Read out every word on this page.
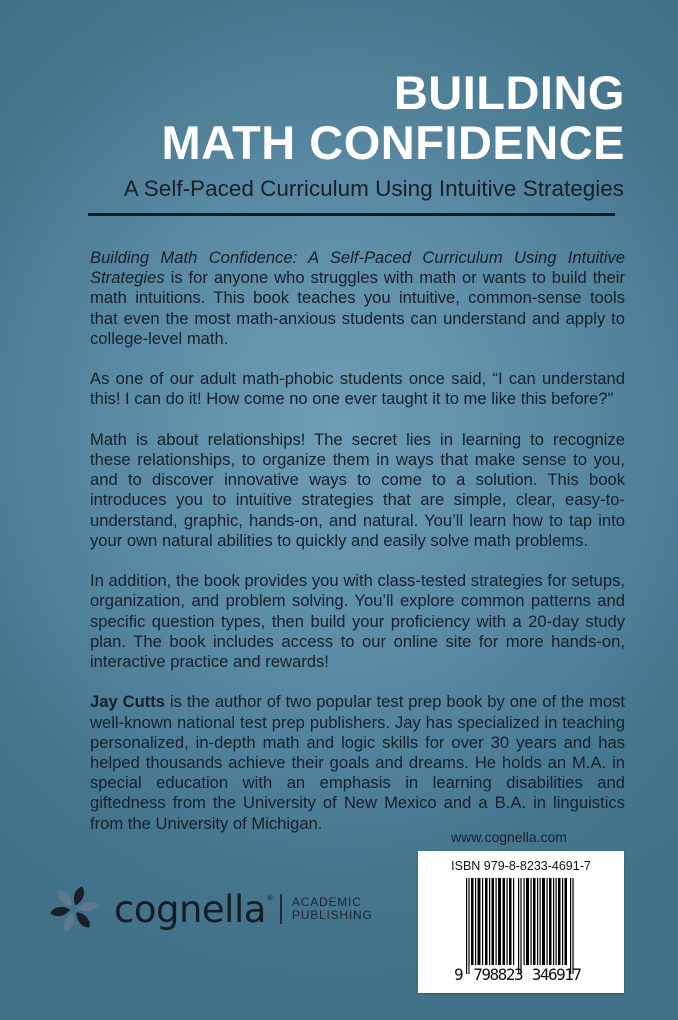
BUILDING
MATH CONFIDENCE
A Self-Paced Curriculum Using Intuitive Strategies

Building Math Confidence: A Self-Paced Curriculum Using Intuitive Strategies is for anyone who struggles with math or wants to build their math intuitions. This book teaches you intuitive, common-sense tools that even the most math-anxious students can understand and apply to college-level math.

As one of our adult math-phobic students once said, “I can understand this! I can do it! How come no one ever taught it to me like this before?"

Math is about relationships! The secret lies in learning to recognize these relationships, to organize them in ways that make sense to you, and to discover innovative ways to come to a solution. This book introduces you to intuitive strategies that are simple, clear, easy-to-understand, graphic, hands-on, and natural. You’ll learn how to tap into your own natural abilities to quickly and easily solve math problems.

In addition, the book provides you with class-tested strategies for setups, organization, and problem solving. You’ll explore common patterns and specific question types, then build your proficiency with a 20-day study plan. The book includes access to our online site for more hands-on, interactive practice and rewards!

Jay Cutts is the author of two popular test prep book by one of the most well-known national test prep publishers. Jay has specialized in teaching personalized, in-depth math and logic skills for over 30 years and has helped thousands achieve their goals and dreams. He holds an M.A. in special education with an emphasis in learning disabilities and giftedness from the University of New Mexico and a B.A. in linguistics from the University of Michigan.

www.cognella.com
ISBN 979-8-8233-4691-7
9 798823 346917
cognella ® ACADEMIC
PUBLISHING
